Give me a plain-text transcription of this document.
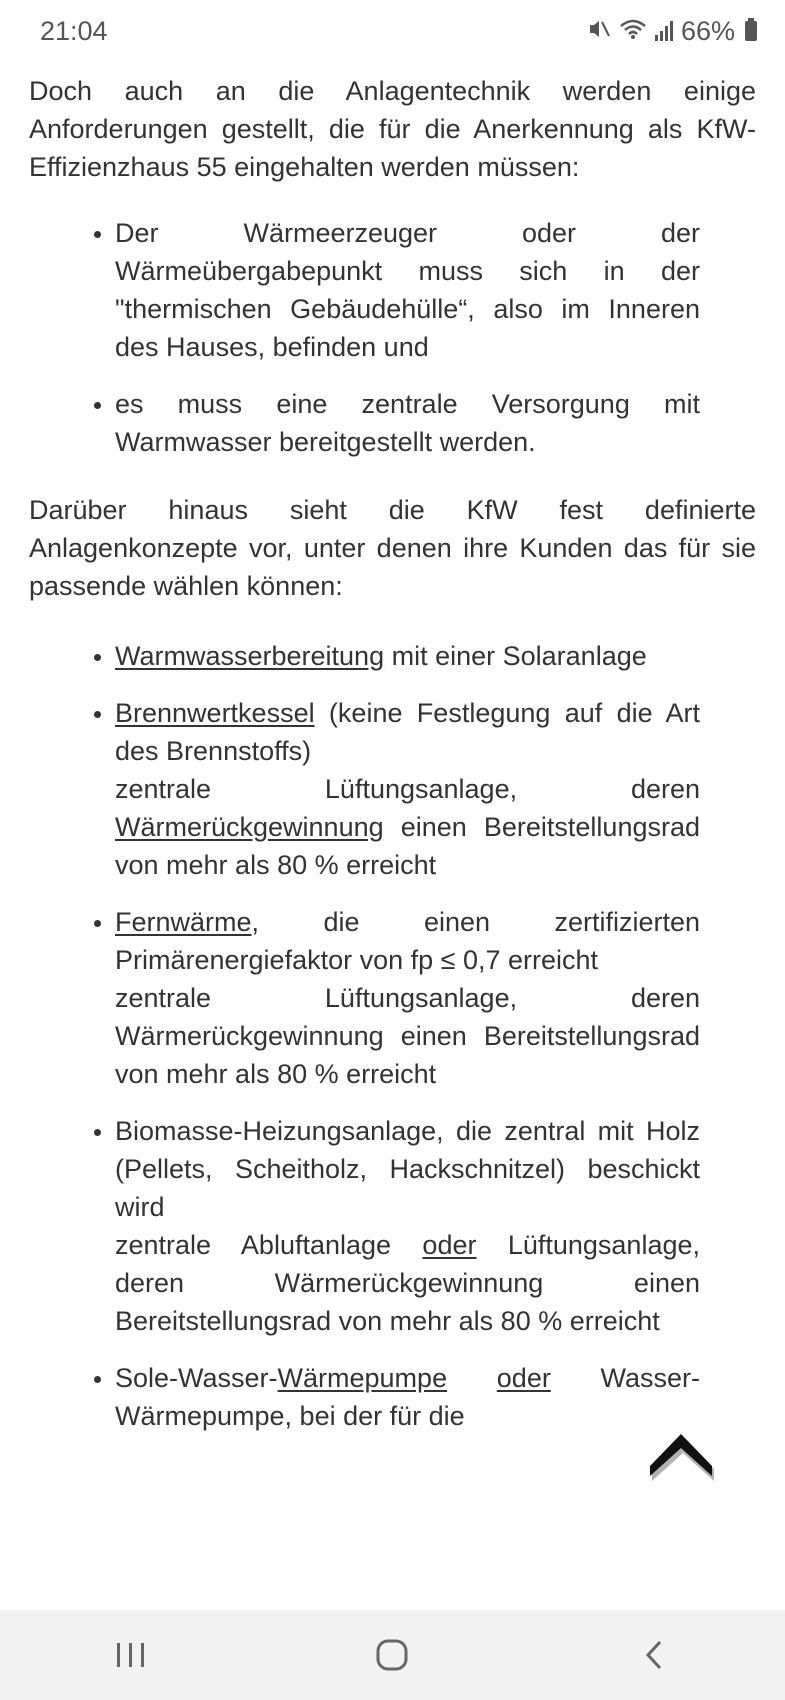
21:04	66%

Doch auch an die Anlagentechnik werden einige Anforderungen gestellt, die für die Anerkennung als KfW-Effizienzhaus 55 eingehalten werden müssen:

• Der Wärmeerzeuger oder der Wärmeübergabepunkt muss sich in der "thermischen Gebäudehülle“, also im Inneren des Hauses, befinden und
• es muss eine zentrale Versorgung mit Warmwasser bereitgestellt werden.

Darüber hinaus sieht die KfW fest definierte Anlagenkonzepte vor, unter denen ihre Kunden das für sie passende wählen können:

• Warmwasserbereitung mit einer Solaranlage
• Brennwertkessel (keine Festlegung auf die Art des Brennstoffs)
zentrale Lüftungsanlage, deren
Wärmerückgewinnung einen Bereitstellungsrad von mehr als 80 % erreicht
• Fernwärme, die einen zertifizierten Primärenergiefaktor von fp ≤ 0,7 erreicht
zentrale Lüftungsanlage, deren Wärmerückgewinnung einen Bereitstellungsrad von mehr als 80 % erreicht
• Biomasse-Heizungsanlage, die zentral mit Holz (Pellets, Scheitholz, Hackschnitzel) beschickt wird
zentrale Abluftanlage oder Lüftungsanlage, deren Wärmerückgewinnung einen Bereitstellungsrad von mehr als 80 % erreicht
• Sole-Wasser-Wärmepumpe oder Wasser-Wärmepumpe, bei der für die
